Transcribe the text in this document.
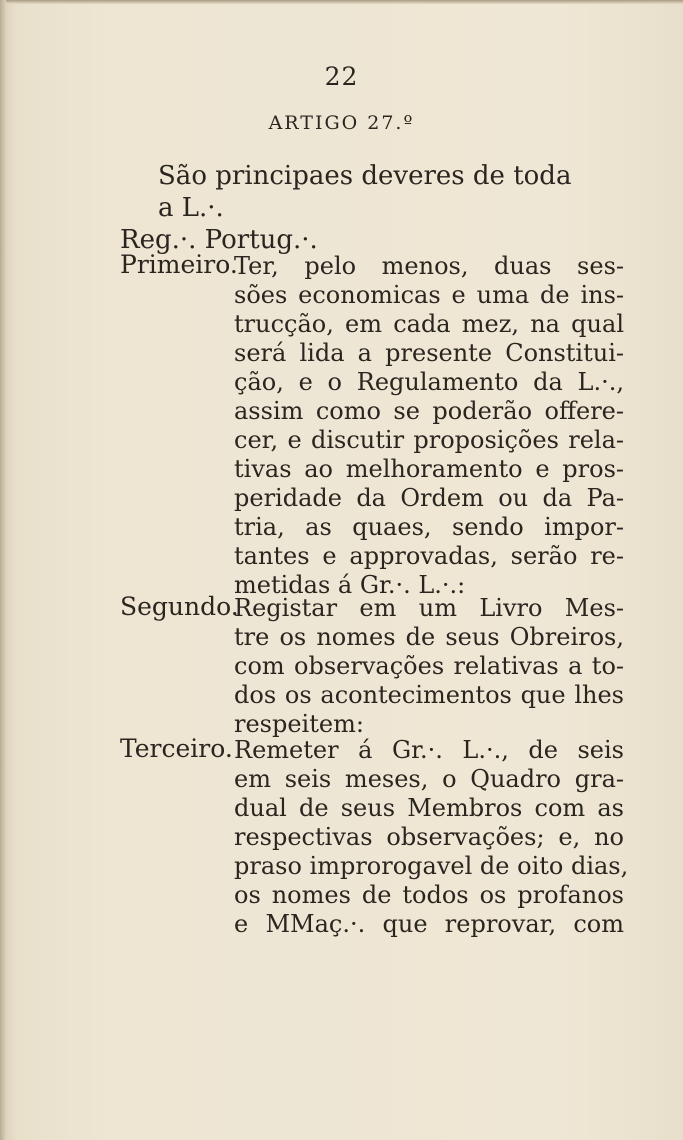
22
ARTIGO 27.º
São principaes deveres de toda a L.·.
Reg.·. Portug.·.
Primeiro.
Ter, pelo menos, duas ses-
sões economicas e uma de ins-
trucção, em cada mez, na qual
será lida a presente Constitui-
ção, e o Regulamento da L.·.,
assim como se poderão offere-
cer, e discutir proposições rela-
tivas ao melhoramento e pros-
peridade da Ordem ou da Pa-
tria, as quaes, sendo impor-
tantes e approvadas, serão re-
metidas á Gr.·. L.·.:
Segundo.
Registar em um Livro Mes-
tre os nomes de seus Obreiros,
com observações relativas a to-
dos os acontecimentos que lhes
respeitem:
Terceiro. Remeter á Gr.·. L.·., de seis
em seis meses, o Quadro gra-
dual de seus Membros com as
respectivas observações; e, no
praso improrogavel de oito dias,
os nomes de todos os profanos
e MMaç.·. que reprovar, com
